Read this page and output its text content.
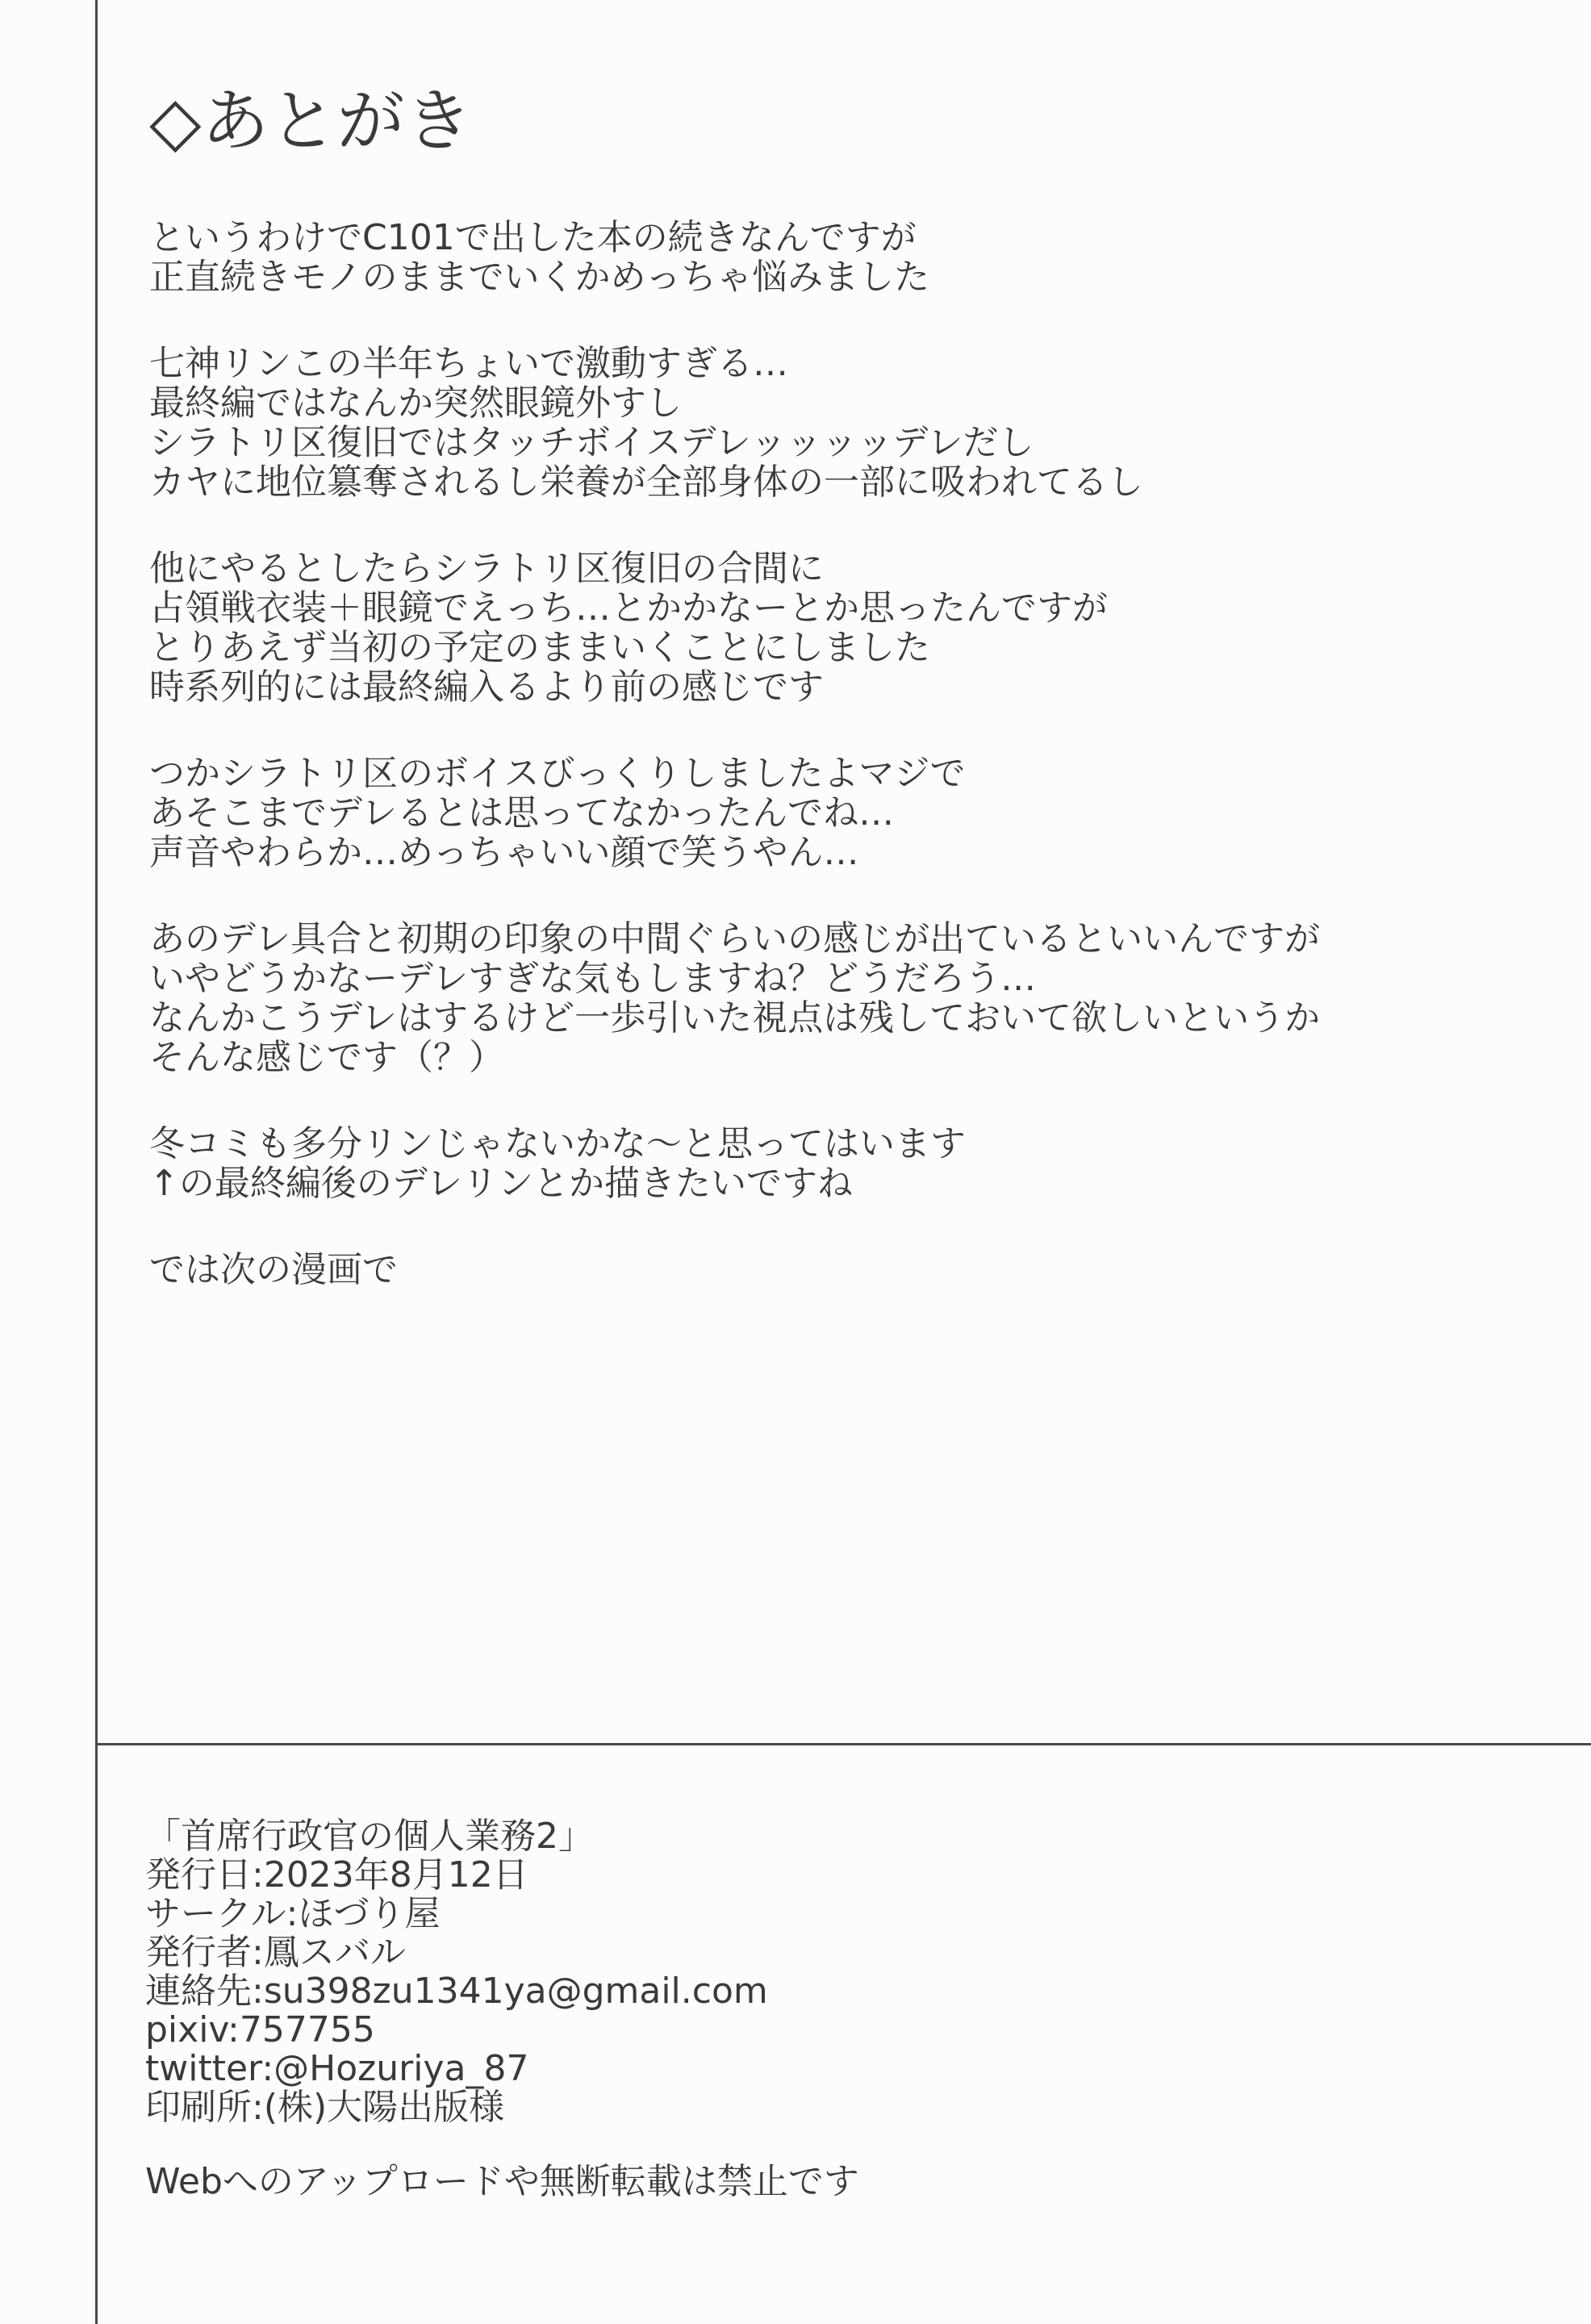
◇あとがき
というわけでC101で出した本の続きなんですが
正直続きモノのままでいくかめっちゃ悩みました
七神リンこの半年ちょいで激動すぎる…
最終編ではなんか突然眼鏡外すし
シラトリ区復旧ではタッチボイスデレッッッッデレだし
カヤに地位簒奪されるし栄養が全部身体の一部に吸われてるし
他にやるとしたらシラトリ区復旧の合間に
占領戦衣装＋眼鏡でえっち…とかかなーとか思ったんですが
とりあえず当初の予定のままいくことにしました
時系列的には最終編入るより前の感じです
つかシラトリ区のボイスびっくりしましたよマジで
あそこまでデレるとは思ってなかったんでね…
声音やわらか…めっちゃいい顔で笑うやん…
あのデレ具合と初期の印象の中間ぐらいの感じが出ているといいんですが
いやどうかなーデレすぎな気もしますね？どうだろう…
なんかこうデレはするけど一歩引いた視点は残しておいて欲しいというか
そんな感じです（？）
冬コミも多分リンじゃないかな～と思ってはいます
↑の最終編後のデレリンとか描きたいですね
では次の漫画で
「首席行政官の個人業務2」
発行日:2023年8月12日
サークル:ほづり屋
発行者:鳳スバル
連絡先:su398zu1341ya@gmail.com
pixiv:757755
twitter:@Hozuriya_87
印刷所:(株)大陽出版様
Webへのアップロードや無断転載は禁止です
